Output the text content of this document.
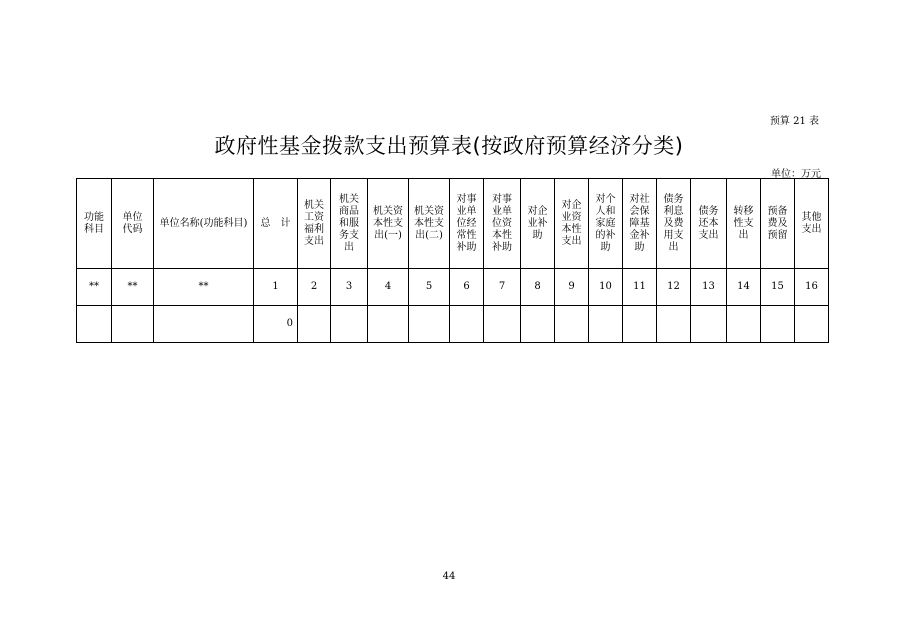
预算 21 表
政府性基金拨款支出预算表(按政府预算经济分类)
单位：万元
功能
科目	单位
代码	单位名称(功能科目)	总　计	机关
工资
福利
支出	机关
商品
和服
务支
出	机关资
本性支
出(一)	机关资
本性支
出(二)	对事
业单
位经
常性
补助	对事
业单
位资
本性
补助	对企
业补
助	对企
业资
本性
支出	对个
人和
家庭
的补
助	对社
会保
障基
金补
助	债务
利息
及费
用支
出	债务
还本
支出	转移
性支
出	预备
费及
预留	其他
支出
**	**	**	1	2	3	4	5	6	7	8	9	10	11	12	13	14	15	16
			0															
44
